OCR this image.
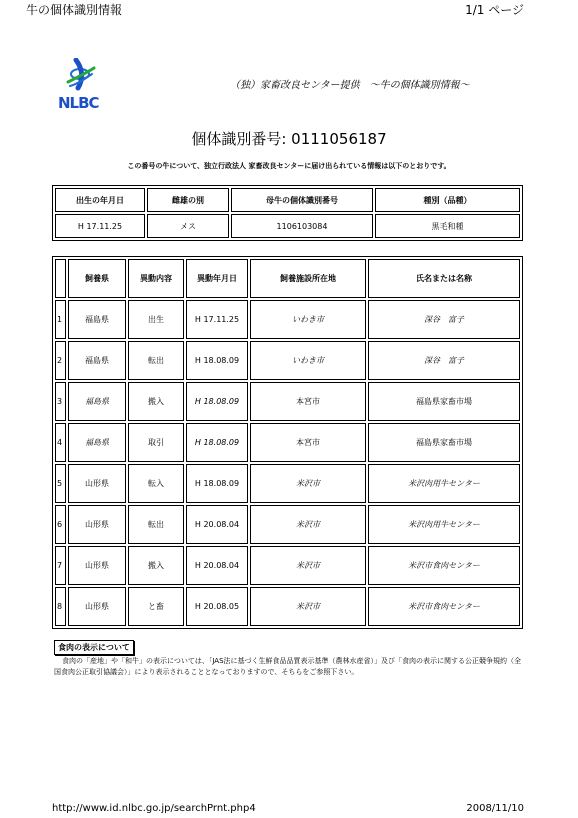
牛の個体識別情報	1/1 ページ
NLBC
（独）家畜改良センター提供　～牛の個体識別情報～
個体識別番号: 0111056187
この番号の牛について、独立行政法人 家畜改良センターに届け出られている情報は以下のとおりです。
出生の年月日	雌雄の別	母牛の個体識別番号	種別（品種）
H 17.11.25	メス	1106103084	黒毛和種
	飼養県	異動内容	異動年月日	飼養施設所在地	氏名または名称
1	福島県	出生	H 17.11.25	いわき市	深谷　富子
2	福島県	転出	H 18.08.09	いわき市	深谷　富子
3	福島県	搬入	H 18.08.09	本宮市	福島県家畜市場
4	福島県	取引	H 18.08.09	本宮市	福島県家畜市場
5	山形県	転入	H 18.08.09	米沢市	米沢肉用牛センター
6	山形県	転出	H 20.08.04	米沢市	米沢肉用牛センター
7	山形県	搬入	H 20.08.04	米沢市	米沢市食肉センター
8	山形県	と畜	H 20.08.05	米沢市	米沢市食肉センター
食肉の表示について
食肉の「産地」や「和牛」の表示については、「JAS法に基づく生鮮食品品質表示基準（農林水産省）」及び「食肉の表示に関する公正競争規約（全国食肉公正取引協議会）」により表示されることとなっておりますので、そちらをご参照下さい。
http://www.id.nlbc.go.jp/searchPrnt.php4	2008/11/10
